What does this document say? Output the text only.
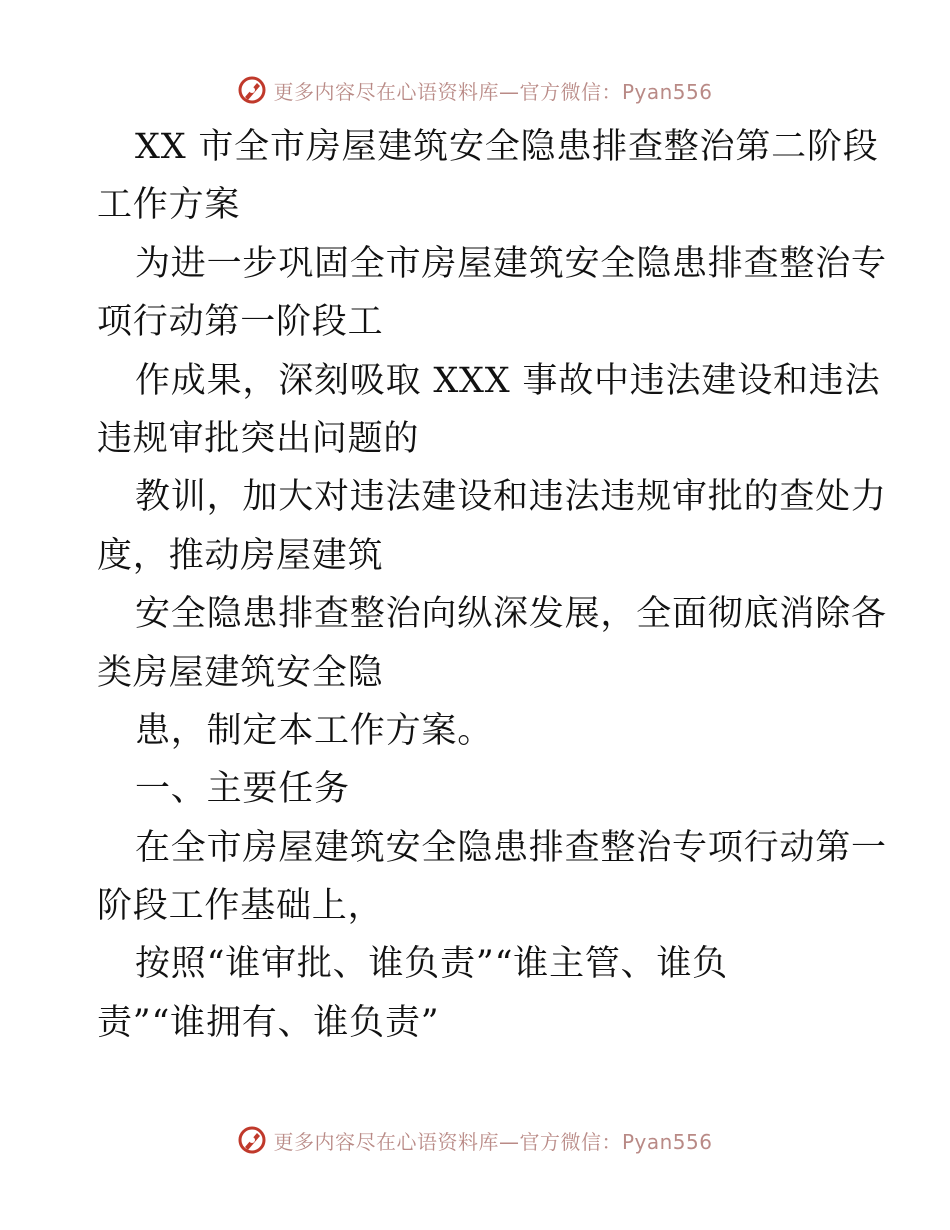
更多内容尽在心语资料库—官方微信：Pyan556
XX 市全市房屋建筑安全隐患排查整治第二阶段
工作方案
为进一步巩固全市房屋建筑安全隐患排查整治专
项行动第一阶段工
作成果，深刻吸取 XXX 事故中违法建设和违法
违规审批突出问题的
教训，加大对违法建设和违法违规审批的查处力
度，推动房屋建筑
安全隐患排查整治向纵深发展，全面彻底消除各
类房屋建筑安全隐
患，制定本工作方案。
一、主要任务
在全市房屋建筑安全隐患排查整治专项行动第一
阶段工作基础上，
按照“谁审批、谁负责”“谁主管、谁负
责”“谁拥有、谁负责”
更多内容尽在心语资料库—官方微信：Pyan556
